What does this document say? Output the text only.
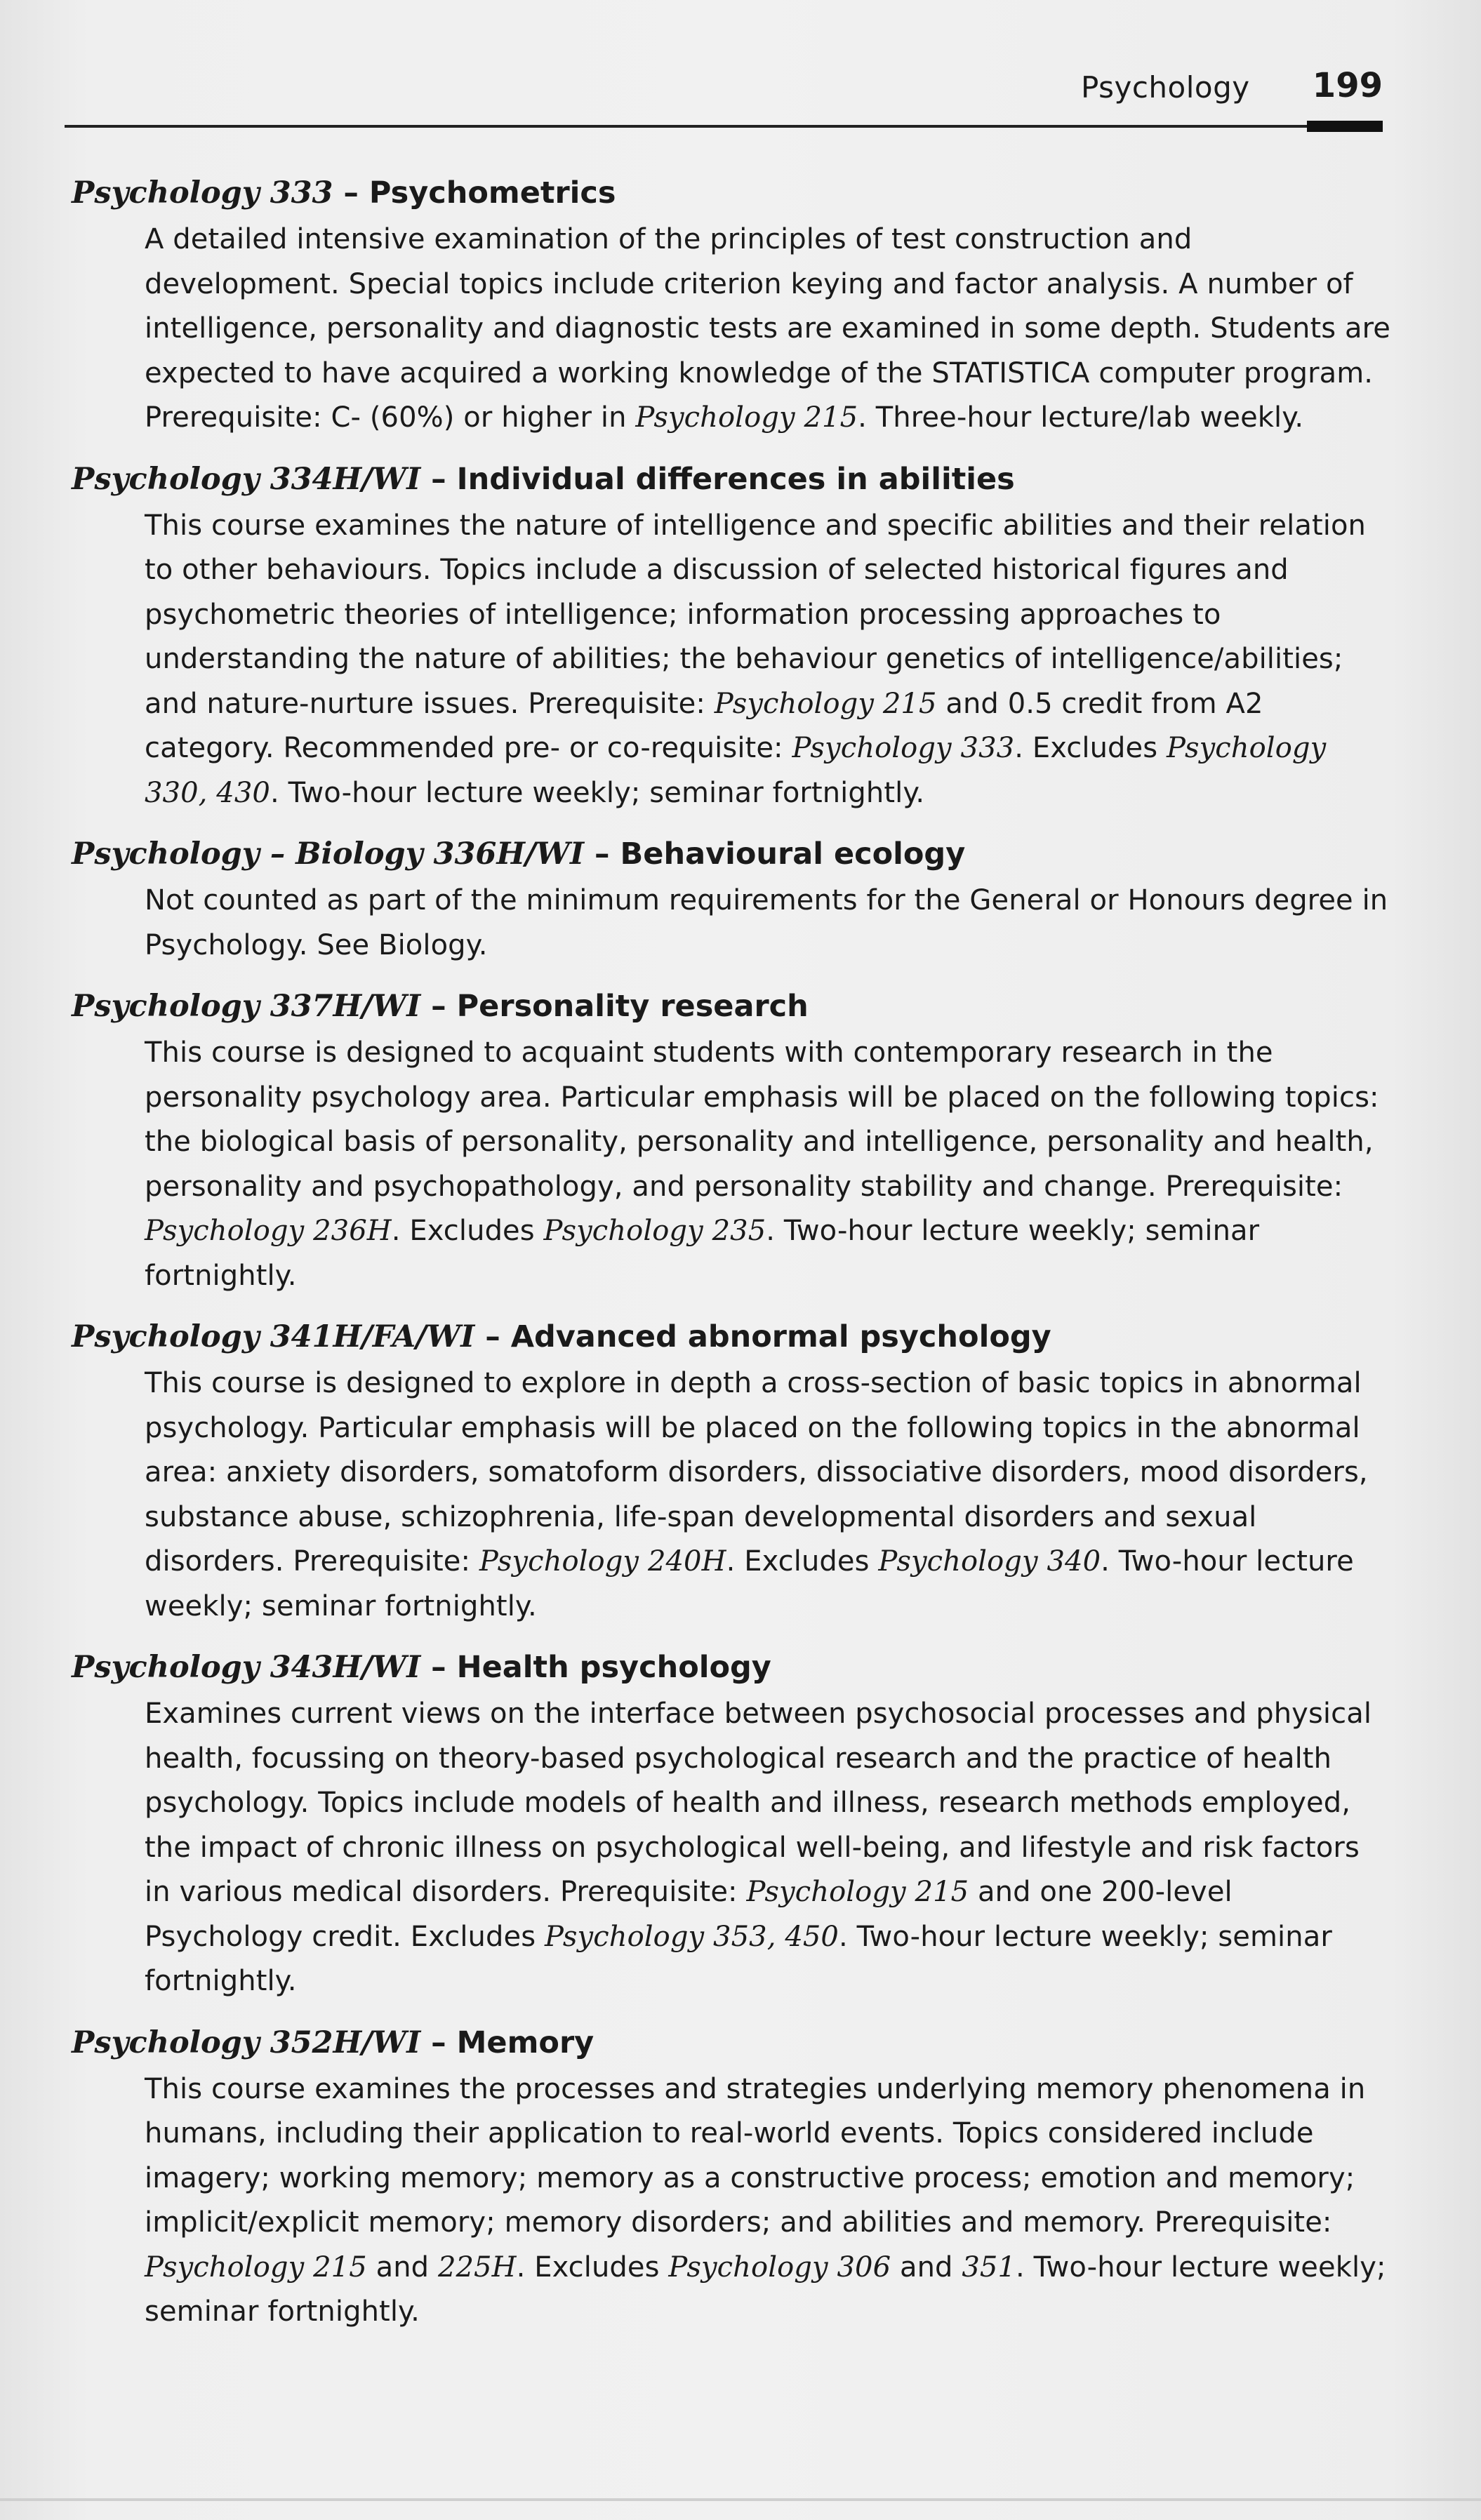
Psychology 199
Psychology 333 – Psychometrics

A detailed intensive examination of the principles of test construction and development. Special topics include criterion keying and factor analysis. A number of intelligence, personality and diagnostic tests are examined in some depth. Students are expected to have acquired a working knowledge of the STATISTICA computer program. Prerequisite: C- (60%) or higher in Psychology 215. Three-hour lecture/lab weekly.

Psychology 334H/WI – Individual differences in abilities

This course examines the nature of intelligence and specific abilities and their relation to other behaviours. Topics include a discussion of selected historical figures and psychometric theories of intelligence; information processing approaches to understanding the nature of abilities; the behaviour genetics of intelligence/abilities; and nature-nurture issues. Prerequisite: Psychology 215 and 0.5 credit from A2 category. Recommended pre- or co-requisite: Psychology 333. Excludes Psychology 330, 430. Two-hour lecture weekly; seminar fortnightly.

Psychology – Biology 336H/WI – Behavioural ecology

Not counted as part of the minimum requirements for the General or Honours degree in Psychology. See Biology.

Psychology 337H/WI – Personality research

This course is designed to acquaint students with contemporary research in the personality psychology area. Particular emphasis will be placed on the following topics: the biological basis of personality, personality and intelligence, personality and health, personality and psychopathology, and personality stability and change. Prerequisite: Psychology 236H. Excludes Psychology 235. Two-hour lecture weekly; seminar fortnightly.

Psychology 341H/FA/WI – Advanced abnormal psychology

This course is designed to explore in depth a cross-section of basic topics in abnormal psychology. Particular emphasis will be placed on the following topics in the abnormal area: anxiety disorders, somatoform disorders, dissociative disorders, mood disorders, substance abuse, schizophrenia, life-span developmental disorders and sexual disorders. Prerequisite: Psychology 240H. Excludes Psychology 340. Two-hour lecture weekly; seminar fortnightly.

Psychology 343H/WI – Health psychology

Examines current views on the interface between psychosocial processes and physical health, focussing on theory-based psychological research and the practice of health psychology. Topics include models of health and illness, research methods employed, the impact of chronic illness on psychological well-being, and lifestyle and risk factors in various medical disorders. Prerequisite: Psychology 215 and one 200-level Psychology credit. Excludes Psychology 353, 450. Two-hour lecture weekly; seminar fortnightly.

Psychology 352H/WI – Memory

This course examines the processes and strategies underlying memory phenomena in humans, including their application to real-world events. Topics considered include imagery; working memory; memory as a constructive process; emotion and memory; implicit/explicit memory; memory disorders; and abilities and memory. Prerequisite: Psychology 215 and 225H. Excludes Psychology 306 and 351. Two-hour lecture weekly; seminar fortnightly.
